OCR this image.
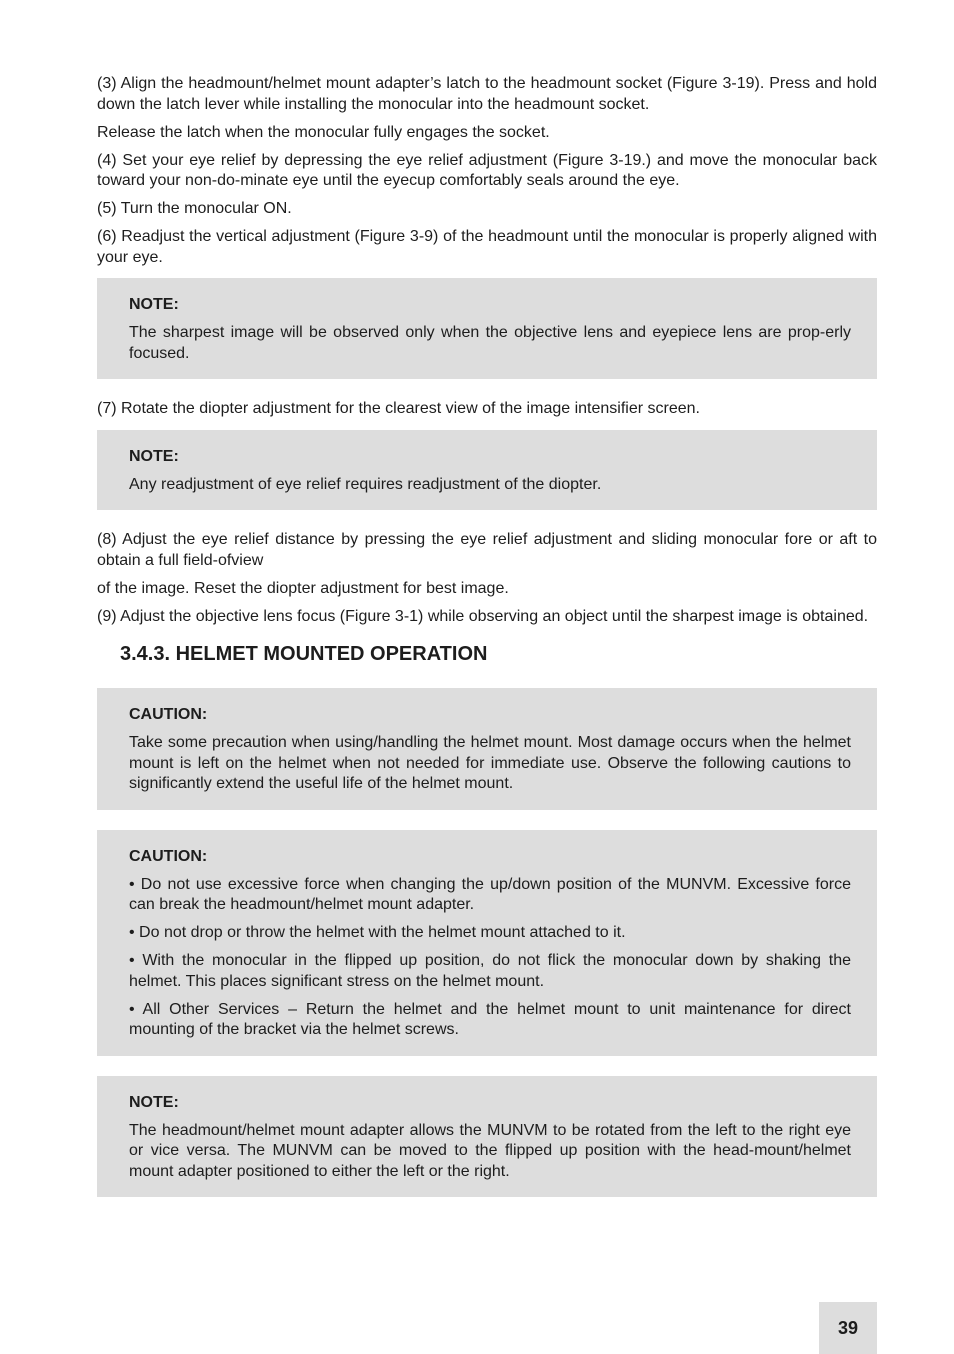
(3) Align the headmount/helmet mount adapter’s latch to the headmount socket (Figure 3-19). Press and hold down the latch lever while installing the monocular into the headmount socket.

Release the latch when the monocular fully engages the socket.

(4) Set your eye relief by depressing the eye relief adjustment (Figure 3-19.) and move the monocular back toward your non-do-minate eye until the eyecup comfortably seals around the eye.

(5) Turn the monocular ON.

(6) Readjust the vertical adjustment (Figure 3-9) of the headmount until the monocular is properly aligned with your eye.

NOTE:

The sharpest image will be observed only when the objective lens and eyepiece lens are prop-erly focused.

(7) Rotate the diopter adjustment for the clearest view of the image intensifier screen.

NOTE:

Any readjustment of eye relief requires readjustment of the diopter.

(8) Adjust the eye relief distance by pressing the eye relief adjustment and sliding monocular fore or aft to obtain a full field-ofview

of the image. Reset the diopter adjustment for best image.

(9) Adjust the objective lens focus (Figure 3-1) while observing an object until the sharpest image is obtained.

3.4.3. HELMET MOUNTED OPERATION
CAUTION:

Take some precaution when using/handling the helmet mount. Most damage occurs when the helmet mount is left on the helmet when not needed for immediate use. Observe the following cautions to significantly extend the useful life of the helmet mount.

CAUTION:

• Do not use excessive force when changing the up/down position of the MUNVM. Excessive force can break the headmount/helmet mount adapter.

• Do not drop or throw the helmet with the helmet mount attached to it.

• With the monocular in the flipped up position, do not flick the monocular down by shaking the helmet. This places significant stress on the helmet mount.

• All Other Services – Return the helmet and the helmet mount to unit maintenance for direct mounting of the bracket via the helmet screws.

NOTE:

The headmount/helmet mount adapter allows the MUNVM to be rotated from the left to the right eye or vice versa. The MUNVM can be moved to the flipped up position with the head-mount/helmet mount adapter positioned to either the left or the right.

39
